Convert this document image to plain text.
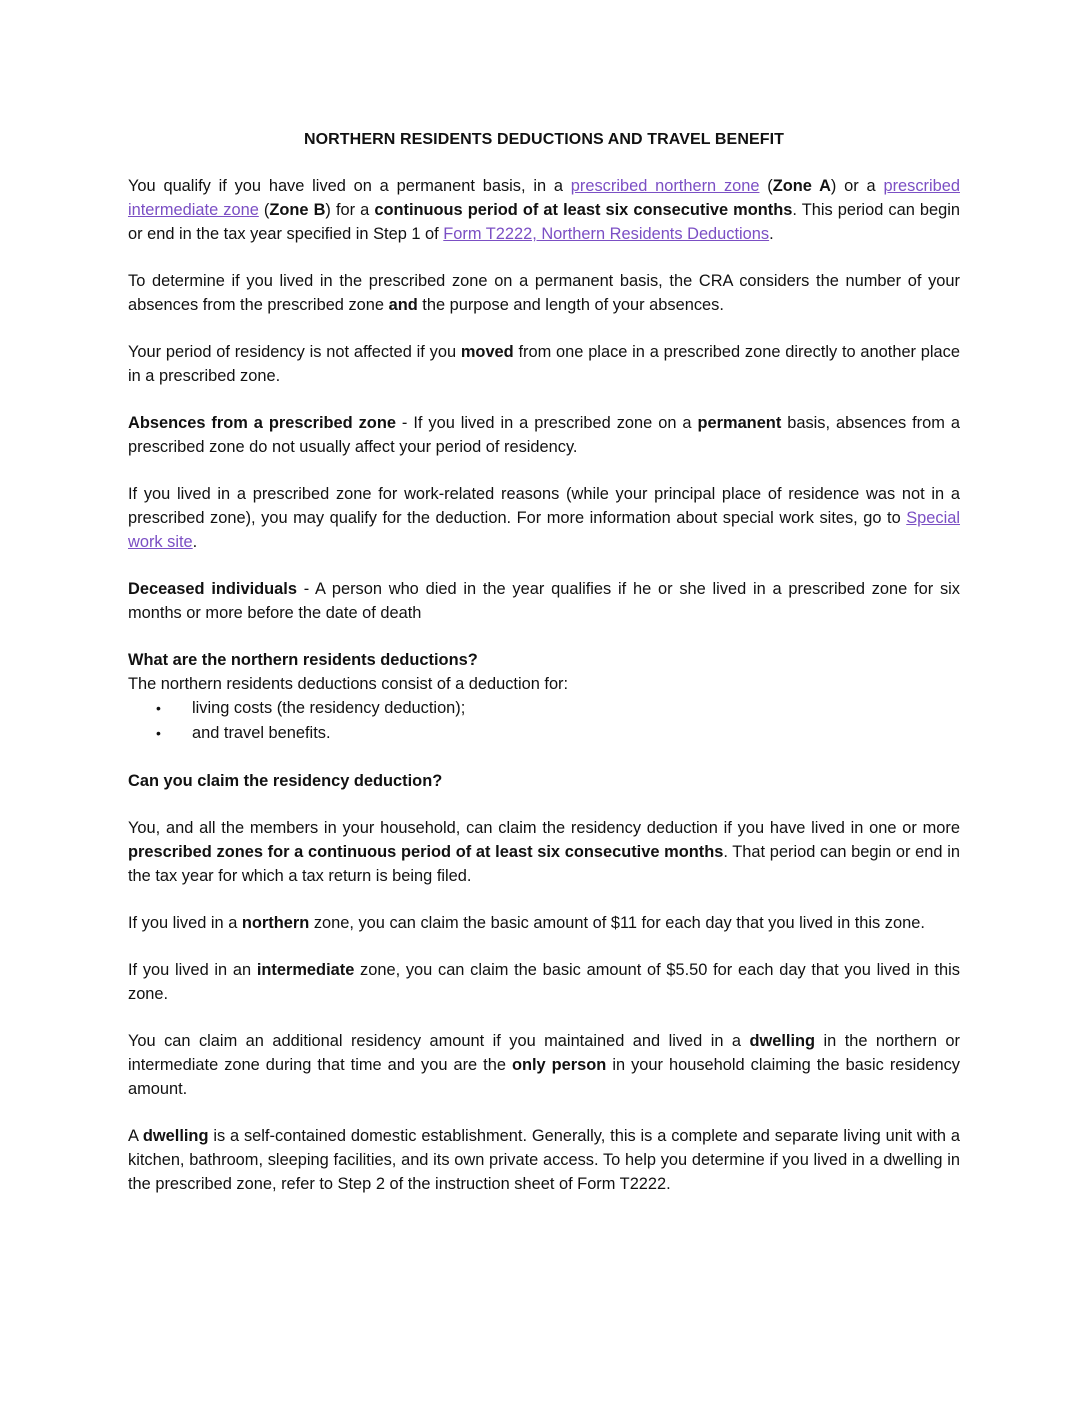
NORTHERN RESIDENTS DEDUCTIONS AND TRAVEL BENEFIT

You qualify if you have lived on a permanent basis, in a prescribed northern zone (Zone A) or a prescribed intermediate zone (Zone B) for a continuous period of at least six consecutive months. This period can begin or end in the tax year specified in Step 1 of Form T2222, Northern Residents Deductions.

To determine if you lived in the prescribed zone on a permanent basis, the CRA considers the number of your absences from the prescribed zone and the purpose and length of your absences.

Your period of residency is not affected if you moved from one place in a prescribed zone directly to another place in a prescribed zone.

Absences from a prescribed zone - If you lived in a prescribed zone on a permanent basis, absences from a prescribed zone do not usually affect your period of residency.

If you lived in a prescribed zone for work-related reasons (while your principal place of residence was not in a prescribed zone), you may qualify for the deduction. For more information about special work sites, go to Special work site.

Deceased individuals - A person who died in the year qualifies if he or she lived in a prescribed zone for six months or more before the date of death

What are the northern residents deductions?

The northern residents deductions consist of a deduction for:

• living costs (the residency deduction);
• and travel benefits.

Can you claim the residency deduction?

You, and all the members in your household, can claim the residency deduction if you have lived in one or more prescribed zones for a continuous period of at least six consecutive months. That period can begin or end in the tax year for which a tax return is being filed.

If you lived in a northern zone, you can claim the basic amount of $11 for each day that you lived in this zone.

If you lived in an intermediate zone, you can claim the basic amount of $5.50 for each day that you lived in this zone.

You can claim an additional residency amount if you maintained and lived in a dwelling in the northern or intermediate zone during that time and you are the only person in your household claiming the basic residency amount.

A dwelling is a self-contained domestic establishment. Generally, this is a complete and separate living unit with a kitchen, bathroom, sleeping facilities, and its own private access. To help you determine if you lived in a dwelling in the prescribed zone, refer to Step 2 of the instruction sheet of Form T2222.
